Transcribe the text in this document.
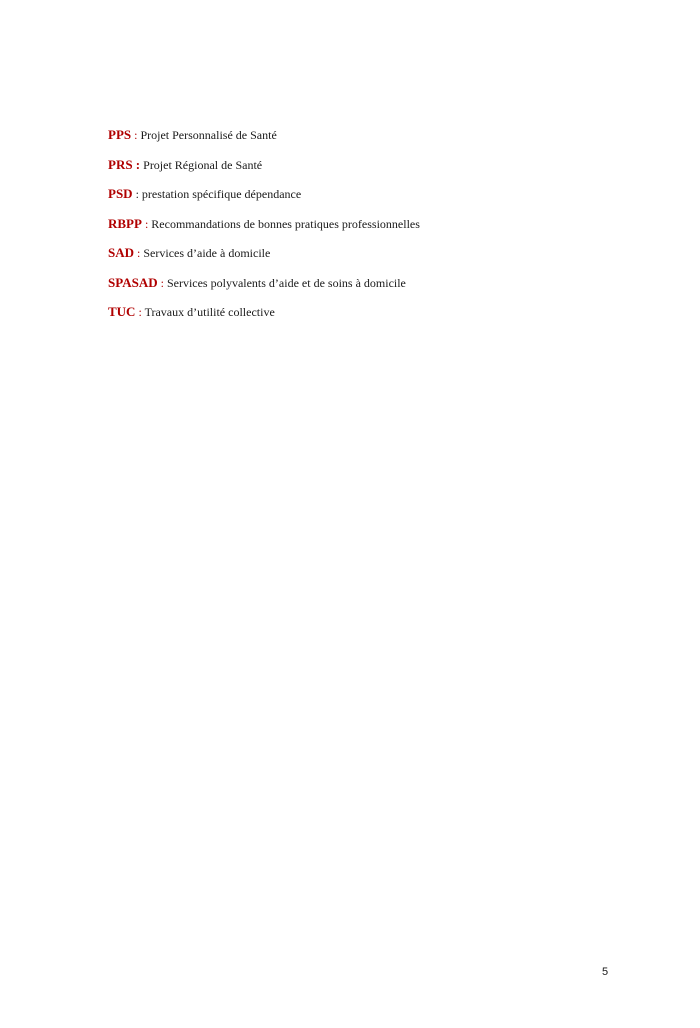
PPS : Projet Personnalisé de Santé
PRS : Projet Régional de Santé
PSD : prestation spécifique dépendance
RBPP : Recommandations de bonnes pratiques professionnelles
SAD : Services d’aide à domicile
SPASAD : Services polyvalents d’aide et de soins à domicile
TUC : Travaux d’utilité collective
5
